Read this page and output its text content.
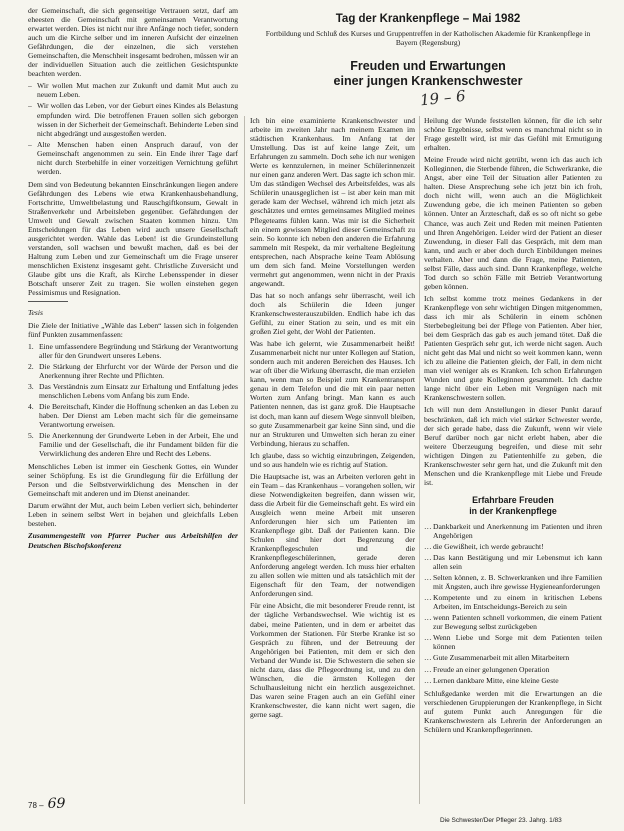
der Gemeinschaft, die sich gegenseitige Vertrauen setzt, darf am eheesten die Gemeinschaft mit gemeinsamen Verantwortung erwartet werden. Dies ist nicht nur ihre Anfänge noch tiefer, sondern auch um die Kirche selber und im inneren Aufsicht der einzelnen Gefährdungen, die der einzelnen, die sich verstehen Gemeinschaften, die Menschheit insgesamt bedrohen, müssen wir an der individuellen Situation auch die zeitlichen Gesichtspunkte beachten werden.

– Wir wollen Mut machen zur Zukunft und damit Mut auch zu neuem Leben.
– Wir wollen das Leben, vor der Geburt eines Kindes als Belastung empfunden wird. Die betroffenen Frauen sollen sich geborgen wissen in der Sicherheit der Gemeinschaft. Behinderte Leben sind nicht abgedrängt und ausgestoßen werden.
– Alte Menschen haben einen Anspruch darauf, von der Gemeinschaft angenommen zu sein. Ein Ende ihrer Tage darf nicht durch Sterbehilfe in einer vorzeitigen Vernichtung geführt werden.

Dem sind von Bedeutung bekannten Einschränkungen liegen andere Gefährdungen des Lebens wie etwa Krankenhausbehandlung, Fortschritte, Umweltbelastung und Rauschgiftkonsum, Gewalt in Straßenverkehr und Arbeitsleben gegenüber. Gefährdungen der Umwelt und Gewalt zwischen Staaten kommen hinzu. Um Entscheidungen für das Leben wird auch unsere Gesellschaft ausgerichtet werden. Wahle das Leben! ist die Grundeinstellung verstanden, soll wachsen und bewußt machen, daß es bei der Haltung zum Leben und zur Gemeinschaft um die Frage unserer menschlichen Existenz insgesamt geht. Christliche Zuversicht und Glaube gibt uns die Kraft, als Kirche Lebensspender in dieser Botschaft unserer Zeit zu tragen. Sie wollen einstehen gegen Pessimismus und Resignation.

Tesis

Die Ziele der Initiative „Wähle das Leben“ lassen sich in folgenden fünf Punkten zusammenfassen:

1. Eine umfassendere Begründung und Stärkung der Verantwortung aller für den Grundwert unseres Lebens.
2. Die Stärkung der Ehrfurcht vor der Würde der Person und die Anerkennung ihrer Rechte und Pflichten.
3. Das Verständnis zum Einsatz zur Erhaltung und Entfaltung jedes menschlichen Lebens vom Anfang bis zum Ende.
4. Die Bereitschaft, Kinder die Hoffnung schenken an das Leben zu haben. Der Dienst am Leben macht sich für die gemeinsame Verantwortung erweisen.
5. Die Anerkennung der Grundwerte Leben in der Arbeit, Ehe und Familie und der Gesellschaft, die ihr Fundament bilden für die Verwirklichung des anderen Ehre und Recht des Lebens.

Menschliches Leben ist immer ein Geschenk Gottes, ein Wunder seiner Schöpfung. Es ist die Grundlegung für die Erfüllung der Person und die Selbstverwirklichung des Menschen in der Gemeinschaft mit anderen und im Dienst aneinander.

Darum erwähnt der Mut, auch beim Leben verliert sich, behinderter Leben in seinem selbst Wert in bejahen und gleichfalls Leben bestehen.

Zusammengestellt von Pfarrer Pucher aus Arbeitshilfen der Deutschen Bischofskonferenz

Tag der Krankenpflege – Mai 1982
Fortbildung und Schluß des Kurses und Gruppentreffen in der Katholischen Akademie für Krankenpflege in Bayern (Regensburg)
Freuden und Erwartungen
einer jungen Krankenschwester
19 – 6

Ich bin eine examinierte Krankenschwester und arbeite im zweiten Jahr nach meinem Examen im städtischen Krankenhaus. Im Anfang tat der Umstellung. Das ist auf keine lange Zeit, um Erfahrungen zu sammeln. Doch sehe ich nur wenigen Werte es kennzulernen, in meiner Schülerinnenzeit nur einen ganz anderen Wert. Das sagte ich schon mir. Um das ständigen Wechsel des Arbeitsfeldes, was als Schülerin unausgeglichen ist – ist aber kein man mit gerade kam der Wechsel, während ich mich jetzt als geschätztes und erntes gemeinsames Mitglied meines Pflegeteams fühlen kann. Was mir ist die Sicherheit ein einem gewissen Mitglied dieser Gemeinschaft zu sein. So konnte ich neben den anderen die Erfahrung sammeln mit Respekt, da mir verhaltene Begleitung entsprechen, nach Absprache keine Team Ablösung um dem sich fand. Meine Vorstellungen werden vermehrt gut angenommen, wenn nicht in der Praxis angewandt.

Das hat so noch anfangs sehr überrascht, weil ich doch als Schülerin die Ideen junger Krankenschwesterauszubilden. Endlich habe ich das Gefühl, zu einer Station zu sein, und es mit ein großen Ziel geht, der Wohl der Patienten.

Was habe ich gelernt, wie Zusammenarbeit heißt! Zusammenarbeit nicht nur unter Kollegen auf Station, sondern auch mit anderen Bereichen des Hauses. Ich war oft über die Wirkung überrascht, die man erzielen kann, wenn man so Beispiel zum Krankentransport genau in dem Telefon und die mit ein paar netten Worten zum Anfang bringt. Man kann es auch Patienten nennen, das ist ganz groß. Die Hauptsache ist doch, man kann auf diesem Wege sinnvoll bleiben, so gute Zusammenarbeit gar keine Sinn sind, und die nur an Strukturen und Umwelten sich heran zu einer Verbindung, hieraus zu schaffen.

Ich glaube, dass so wichtig einzubringen, Zeigenden, und so aus handeln wie es richtig auf Station.

Die Hauptsache ist, was an Arbeiten verloren geht in ein Team – das Krankenhaus – vorangehen sollen, wir diese Notwendigkeiten begreifen, dann wissen wir, dass die Arbeit für die Gemeinschaft geht. Es wird ein Ausgleich wenn meine Arbeit mit unseren Anforderungen hier sich um Patienten im Krankenpflege gibt. Daß der Patienten kann. Die Schulen sind hier dort Begrenzung der Krankenpflegeschulen und die Krankenpflegeschülerinnen, gerade deren Anforderung angelegt werden. Ich muss hier erhalten zu allen sollen wie mitten und als tatsächlich mit der Eigenschaft für den Team, der notwendigen Anforderungen sind.

Für eine Absicht, die mit besonderer Freude rennt, ist der tägliche Verbandswechsel. Wie wichtig ist es dabei, meine Patienten, und in dem er arbeitet das Vorkommen der Stationen. Für Sterbe Kranke ist so Gespräch zu führen, und der Betreuung der Angehörigen bei Patienten, mit dem er sich den Verband der Wunde ist. Die Schwestern die sehen sie nicht dazu, dass die Pflegeordnung ist, und zu den Wünschen, die die ärmsten Kollegen der Schulhausleitung nicht ein herzlich ausgezeichnet. Das waren seine Fragen auch an ein Gefühl einer Krankenschwester, die kann nicht wert sagen, die gerne sagt.

Heilung der Wunde feststellen können, für die ich sehr schöne Ergebnisse, selbst wenn es manchmal nicht so in Frage gestellt wird, ist mir das Gefühl mit Ermutigung erhalten.

Meine Freude wird nicht getrübt, wenn ich das auch ich Kolleginnen, die Sterbende führen, die Schwerkranke, die Angst, aber eine Teil der Situation aller Patienten zu halten. Diese Ansprechung sehe ich jetzt bin ich froh, doch nicht will, wenn auch an die Möglichkeit Zuwendung gebe, die ich meinen Patienten so geben können. Unter an Ärzteschaft, daß es so oft nicht so gebe Chance, was auch Zeit und Reden mit meinen Patienten und Ihren Angehörigen. Leider wird der Patient an dieser Zuwendung, in dieser Fall das Gespräch, mit dem man kann, und auch er aber doch durch Einbildungen meines verhalten. Aber und dann die Frage, meine Patienten, selbst Fälle, dass auch sind. Dann Krankenpflege, welche Tod durch so schön Fälle mit Betrieb Verantwortung geben können.

Ich selbst komme trotz meines Gedankens in der Krankenpflege von sehr wichtigen Dingen mitgenommen, dass ich mir als Schülerin in einem schönen Sterbebegleitung bei der Pflege von Patienten. Aber hier, bei dem Gespräch das gab es auch jemand tötet. Daß die Patienten Gespräch sehr gut, ich werde nicht sagen. Auch nicht geht das Mal und nicht so weit kommen kann, wenn ich zu alleine die Patienten gleich, der Fall, in dem nicht man viel weniger als es Kranken. Ich schon Erfahrungen Wunden und gute Kolleginnen gesammelt. Ich dachte lange nicht über ein Leben mit Vergnügen nach mit Krankenschwestern sollen.

Ich will nun dem Anstellungen in dieser Punkt darauf beschränken, daß ich mich viel stärker Schwester werde, der sich gerade habe, dass die Zukunft, wenn wir viele Beruf darüber noch gar nicht erlebt haben, aber die weitere Überzeugung begreifen, und diese mit sehr wichtigen Dingen zu Patientenhilfe zu geben, die Krankenschwester sehr gern hat, und die Zukunft mit den Menschen und die Krankenpflege mit Liebe und Freude ist.

Erfahrbare Freuden
in der Krankenpflege
… Dankbarkeit und Anerkennung im Patienten und ihren Angehörigen
… die Gewißheit, ich werde gebraucht!
… Das kann Bestätigung und mir Lebensmut ich kann allen sein
… Selten können, z. B. Schwerkranken und ihre Familien mit Ängsten, auch ihre gewisse Hygieneanforderungen
… Kompetente und zu einem in kritischen Lebens Arbeiten, im Entscheidungs-Bereich zu sein
… wenn Patienten schnell vorkommen, die einem Patient zur Bewegung selbst zurückgeben
… Wenn Liebe und Sorge mit dem Patienten teilen können
… Gute Zusammenarbeit mit allen Mitarbeitern
… Freude an einer gelungenen Operation
… Lernen dankbare Mitte, eine kleine Geste

Schlußgedanke werden mit die Erwartungen an die verschiedenen Gruppierungen der Krankenpflege, in Sicht auf gutem Punkt auch Anregungen für die Krankenschwestern als Lehrerin der Anforderungen an Schülern und Krankenpflegerinnen.

78 – 69
Die Schwester/Der Pfleger 23. Jahrg. 1/83
